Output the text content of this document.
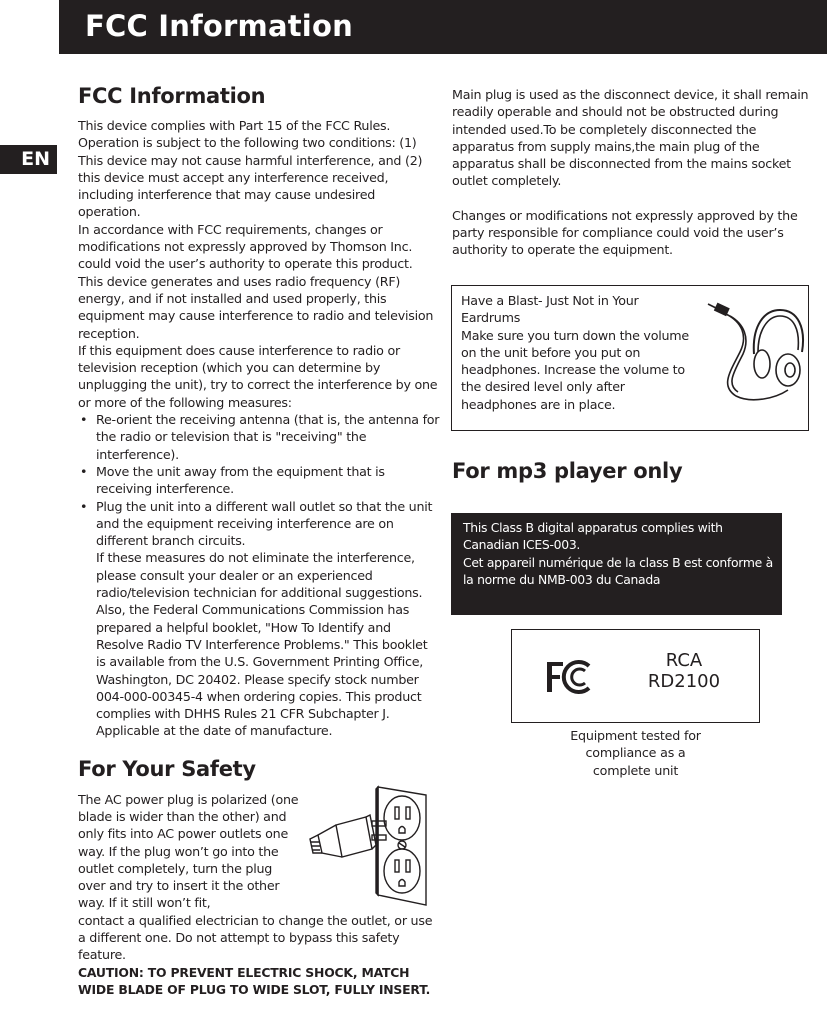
FCC Information
EN
FCC Information

This device complies with Part 15 of the FCC Rules. Operation is subject to the following two conditions: (1) This device may not cause harmful interference, and (2) this device must accept any interference received, including interference that may cause undesired operation.

In accordance with FCC requirements, changes or modifications not expressly approved by Thomson Inc. could void the user’s authority to operate this product.

This device generates and uses radio frequency (RF) energy, and if not installed and used properly, this equipment may cause interference to radio and television reception.

If this equipment does cause interference to radio or television reception (which you can determine by unplugging the unit), try to correct the interference by one or more of the following measures:

• Re-orient the receiving antenna (that is, the antenna for the radio or television that is "receiving" the interference).
• Move the unit away from the equipment that is receiving interference.
• Plug the unit into a different wall outlet so that the unit and the equipment receiving interference are on different branch circuits.

If these measures do not eliminate the interference, please consult your dealer or an experienced radio/television technician for additional suggestions. Also, the Federal Communications Commission has prepared a helpful booklet, "How To Identify and Resolve Radio TV Interference Problems." This booklet is available from the U.S. Government Printing Office, Washington, DC 20402. Please specify stock number 004-000-00345-4 when ordering copies. This product complies with DHHS Rules 21 CFR Subchapter J. Applicable at the date of manufacture.

For Your Safety

The AC power plug is polarized (one blade is wider than the other) and only fits into AC power outlets one way. If the plug won’t go into the outlet completely, turn the plug over and try to insert it the other way. If it still won’t fit,

contact a qualified electrician to change the outlet, or use a different one. Do not attempt to bypass this safety feature.

CAUTION: TO PREVENT ELECTRIC SHOCK, MATCH WIDE BLADE OF PLUG TO WIDE SLOT, FULLY INSERT.

Main plug is used as the disconnect device, it shall remain readily operable and should not be obstructed during intended used.To be completely disconnected the apparatus from supply mains,the main plug of the apparatus shall be disconnected from the mains socket outlet completely.

Changes or modifications not expressly approved by the party responsible for compliance could void the user’s authority to operate the equipment.

Have a Blast- Just Not in Your Eardrums

Make sure you turn down the volume on the unit before you put on headphones. Increase the volume to the desired level only after headphones are in place.

For mp3 player only

This Class B digital apparatus complies with Canadian ICES-003.

Cet appareil numérique de la class B est conforme à la norme du NMB-003 du Canada

RCA
RD2100
Equipment tested for
compliance as a
complete unit
